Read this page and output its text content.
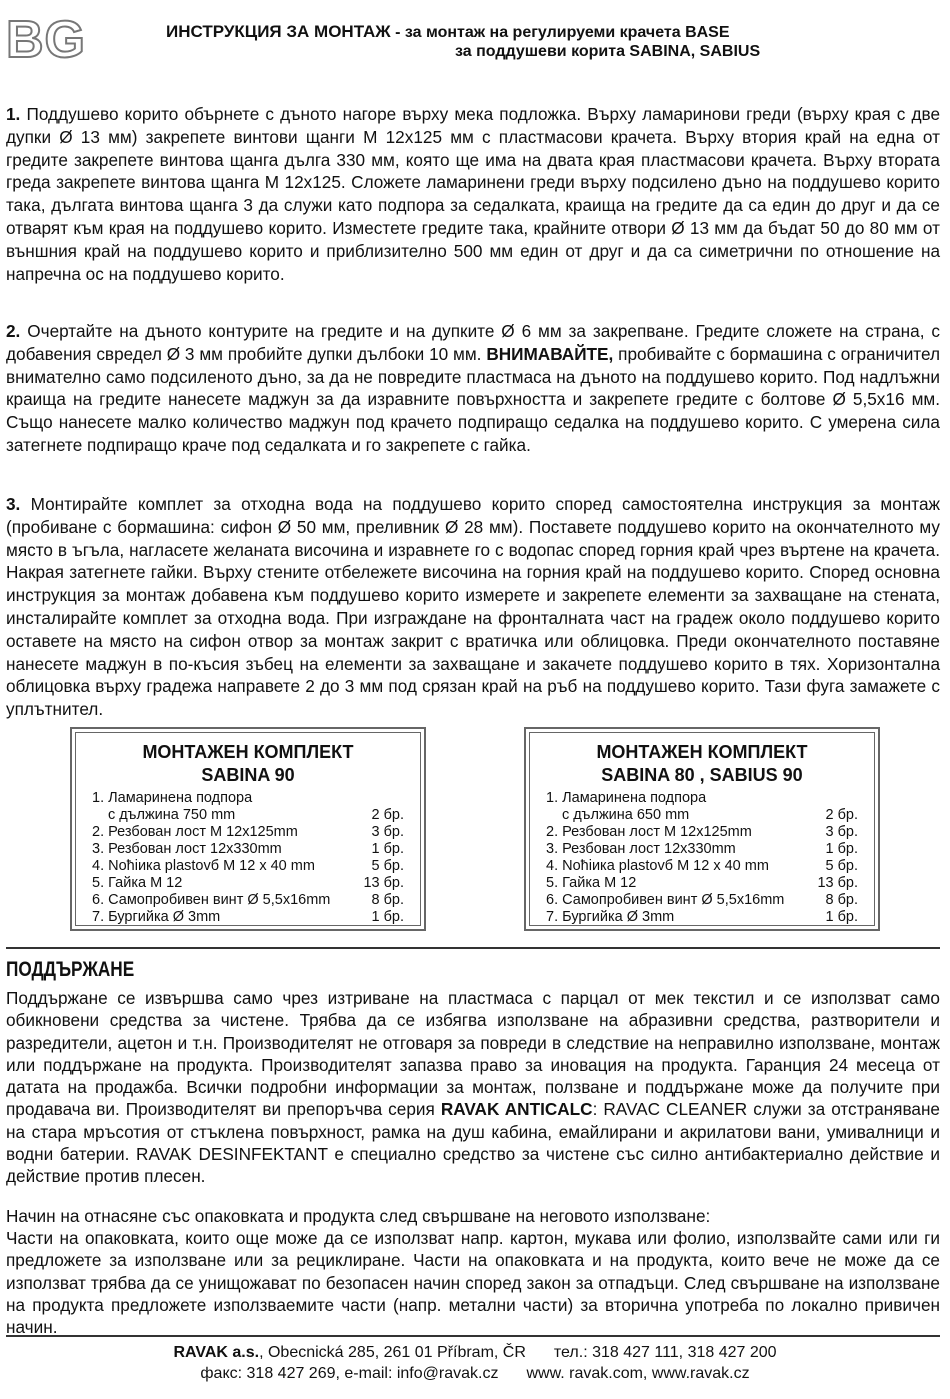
BG	ИНСТРУКЦИЯ ЗА МОНТАЖ - за монтаж на регулируеми крачета BASE
за поддушеви корита SABINA, SABIUS

1. Поддушево корито обърнете с дъното нагоре върху мека подложка. Върху ламаринови греди (върху края с две дупки Ø 13 мм) закрепете винтови щанги М 12x125 мм с пластмасови крачета. Върху втория край на една от гредите закрепете винтова щанга дълга 330 мм, която ще има на двата края пластмасови крачета. Върху втората греда закрепете винтова щанга М 12x125. Сложете ламаринени греди върху подсилено дъно на поддушево корито така, дългата винтова щанга 3 да служи като подпора за седалката, краища на гредите да са един до друг и да се отварят към края на поддушево корито. Изместете гредите така, крайните отвори Ø 13 мм да бъдат 50 до 80 мм от външния край на поддушево корито и приблизително 500 мм един от друг и да са симетрични по отношение на напречна ос на поддушево корито.

2. Очертайте на дъното контурите на гредите и на дупките Ø 6 мм за закрепване. Гредите сложете на страна, с добавения свредел Ø 3 мм пробийте дупки дълбоки 10 мм. ВНИМАВАЙТЕ, пробивайте с бормашина с ограничител внимателно само подсиленото дъно, за да не повредите пластмаса на дъното на поддушево корито. Под надлъжни краища на гредите нанесете маджун за да изравните повърхността и закрепете гредите с болтове Ø 5,5x16 мм. Също нанесете малко количество маджун под крачето подпиращо седалка на поддушево корито. С умерена сила затегнете подпиращо краче под седалката и го закрепете с гайка.

3. Монтирайте комплет за отходна вода на поддушево корито според самостоятелна инструкция за монтаж (пробиване с бормашина: сифон Ø 50 мм, преливник Ø 28 мм). Поставете поддушево корито на окончателното му място в ъгъла, нагласете желаната височина и изравнете го с водопас според горния край чрез въртене на крачета. Накрая затегнете гайки. Върху стените отбележете височина на горния край на поддушево корито. Според основна инструкция за монтаж добавена към поддушево корито измерете и закрепете елементи за захващане на стената, инсталирайте комплет за отходна вода. При изграждане на фронталната част на градеж около поддушево корито оставете на място на сифон отвор за монтаж закрит с вратичка или облицовка. Преди окончателното поставяне нанесете маджун в по-късия зъбец на елементи за захващане и закачете поддушево корито в тях. Хоризонтална облицовка върху градежа направете 2 до 3 мм под срязан край на ръб на поддушево корито. Тази фуга замажете с уплътнител.

МОНТАЖЕН КОМПЛЕКТ
SABINA 90
1. Ламаринена подпора
с дължина 750 mm	2 бр.
2. Резбован лост М 12x125mm	3 бр.
3. Резбован лост 12x330mm	1 бр.
4. Noћiика plastovб M 12 x 40 mm	5 бр.
5. Гайка М 12	13 бр.
6. Самопробивен винт Ø 5,5x16mm	8 бр.
7. Бургийка Ø 3mm	1 бр.
МОНТАЖЕН КОМПЛЕКТ
SABINA 80 , SABIUS 90
1. Ламаринена подпора
с дължина 650 mm	2 бр.
2. Резбован лост М 12x125mm	3 бр.
3. Резбован лост 12x330mm	1 бр.
4. Noћiика plastovб M 12 x 40 mm	5 бр.
5. Гайка М 12	13 бр.
6. Самопробивен винт Ø 5,5x16mm	8 бр.
7. Бургийка Ø 3mm	1 бр.
ПОДДЪРЖАНЕ

Поддържане се извършва само чрез изтриване на пластмаса с парцал от мек текстил и се използват само обикновени средства за чистене. Трябва да се избягва използване на абразивни средства, разтворители и разредители, ацетон и т.н. Производителят не отговаря за повреди в следствие на неправилно използване, монтаж или поддържане на продукта. Производителят запазва право за иновация на продукта. Гаранция 24 месеца от датата на продажба. Всички подробни информации за монтаж, ползване и поддържане може да получите при продавача ви. Производителят ви препоръчва серия RAVAK ANTICALC: RAVAC CLEANER служи за отстраняване на стара мръсотия от стъклена повърхност, рамка на душ кабина, емайлирани и акрилатови вани, умивалници и водни батерии. RAVAK DESINFEKTANT е специално средство за чистене със силно антибактериално действие и действие против плесен.

Начин на отнасяне със опаковката и продукта след свършване на неговото използване:

Части на опаковката, които още може да се използват напр. картон, мукава или фолио, използвайте сами или ги предложете за използване или за рециклиране. Части на опаковката и на продукта, които вече не може да се използват трябва да се унищожават по безопасен начин според закон за отпадъци. След свършване на използване на продукта предложете използваемите части (напр. метални части) за вторична употреба по локално привичен начин.

RAVAK a.s., Obecnická 285, 261 01 Příbram, ČR тел.: 318 427 111, 318 427 200
факс: 318 427 269, e-mail: info@ravak.cz www. ravak.com, www.ravak.cz
